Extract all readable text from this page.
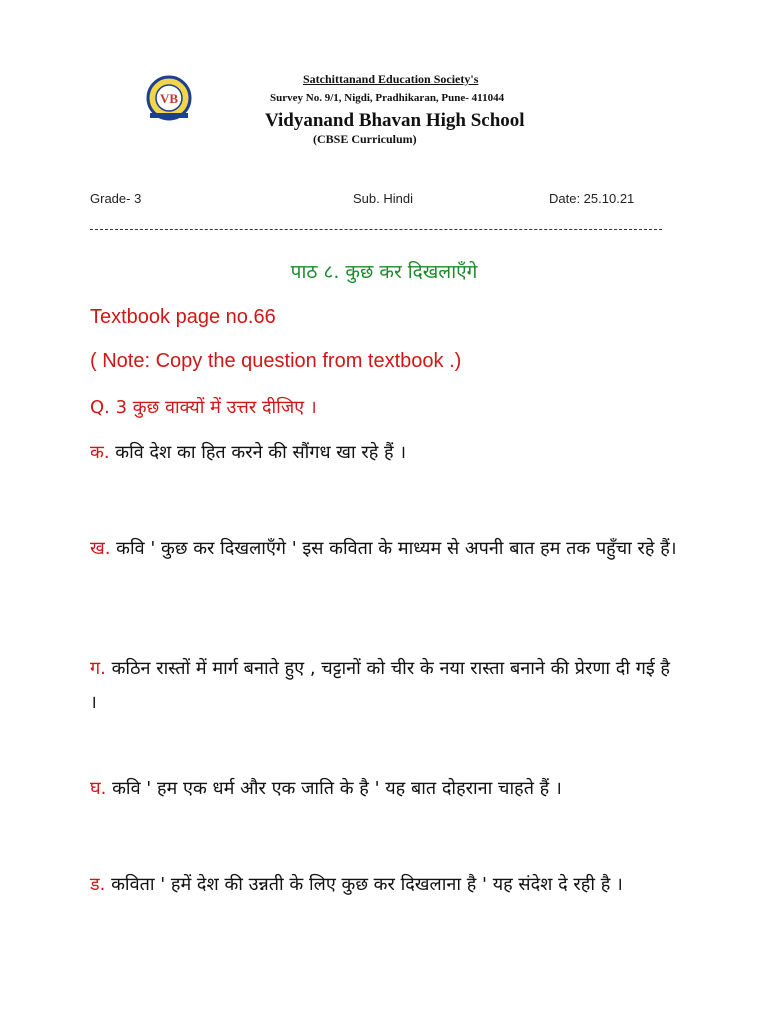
VB
Satchittanand Education Society's
Survey No. 9/1, Nigdi, Pradhikaran, Pune- 411044
Vidyanand Bhavan High School
(CBSE Curriculum)
Grade- 3	Sub. Hindi	Date: 25.10.21
पाठ ८. कुछ कर दिखलाएँगे
Textbook page no.66
( Note: Copy the question from textbook .)
Q. 3 कुछ वाक्यों में उत्तर दीजिए ।
क. कवि देश का हित करने की सौंगध खा रहे हैं ।
ख. कवि ' कुछ कर दिखलाएँगे ' इस कविता के माध्यम से अपनी बात हम तक पहुँचा रहे हैं।
ग. कठिन रास्तों में मार्ग बनाते हुए , चट्टानों को चीर के नया रास्ता बनाने की प्रेरणा दी गई है ।
घ. कवि ' हम एक धर्म और एक जाति के है ' यह बात दोहराना चाहते हैं ।
ड. कविता ' हमें देश की उन्नती के लिए कुछ कर दिखलाना है ' यह संदेश दे रही है ।
